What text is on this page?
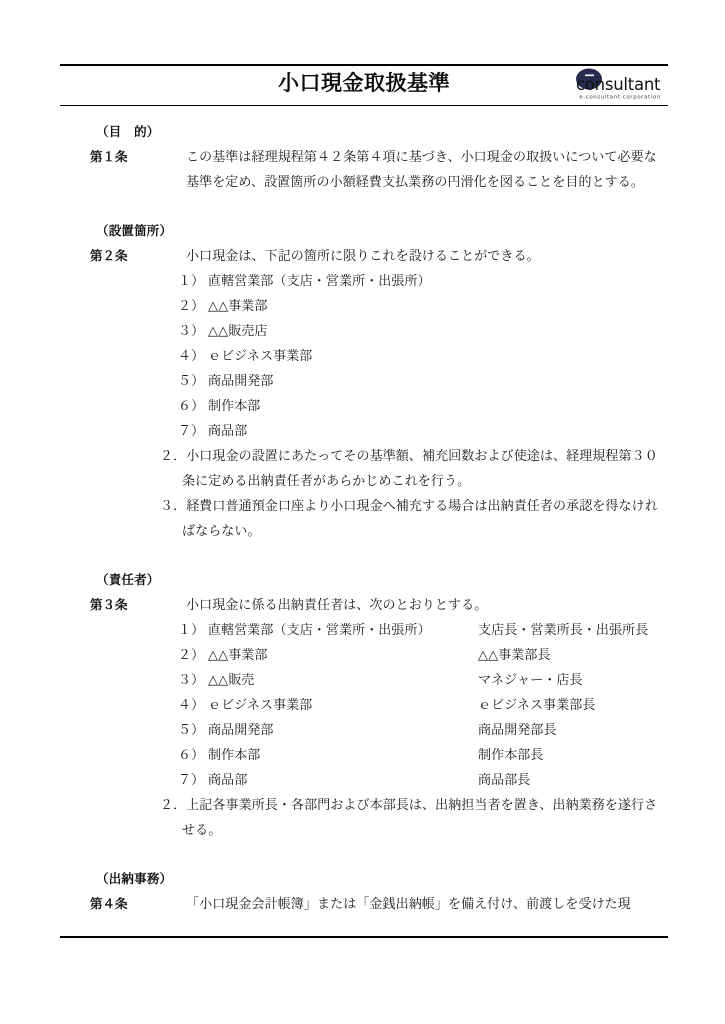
小口現金取扱基準	consultant
e-consultant corporation
（目　的）
第１条	この基準は経理規程第４２条第４項に基づき、小口現金の取扱いについて必要な基準を定め、設置箇所の小額経費支払業務の円滑化を図ることを目的とする。
（設置箇所）
第２条	小口現金は、下記の箇所に限りこれを設けることができる。
１） 直轄営業部（支店・営業所・出張所）
２） △△事業部
３） △△販売店
４） ｅビジネス事業部
５） 商品開発部
６） 制作本部
７） 商品部
２．小口現金の設置にあたってその基準額、補充回数および使途は、経理規程第３０条に定める出納責任者があらかじめこれを行う。
３．経費口普通預金口座より小口現金へ補充する場合は出納責任者の承認を得なければならない。
（責任者）
第３条	小口現金に係る出納責任者は、次のとおりとする。
１） 直轄営業部（支店・営業所・出張所）	支店長・営業所長・出張所長
２） △△事業部	△△事業部長
３） △△販売	マネジャー・店長
４） ｅビジネス事業部	ｅビジネス事業部長
５） 商品開発部	商品開発部長
６） 制作本部	制作本部長
７） 商品部	商品部長
２．上記各事業所長・各部門および本部長は、出納担当者を置き、出納業務を遂行させる。
（出納事務）
第４条	「小口現金会計帳簿」または「金銭出納帳」を備え付け、前渡しを受けた現
